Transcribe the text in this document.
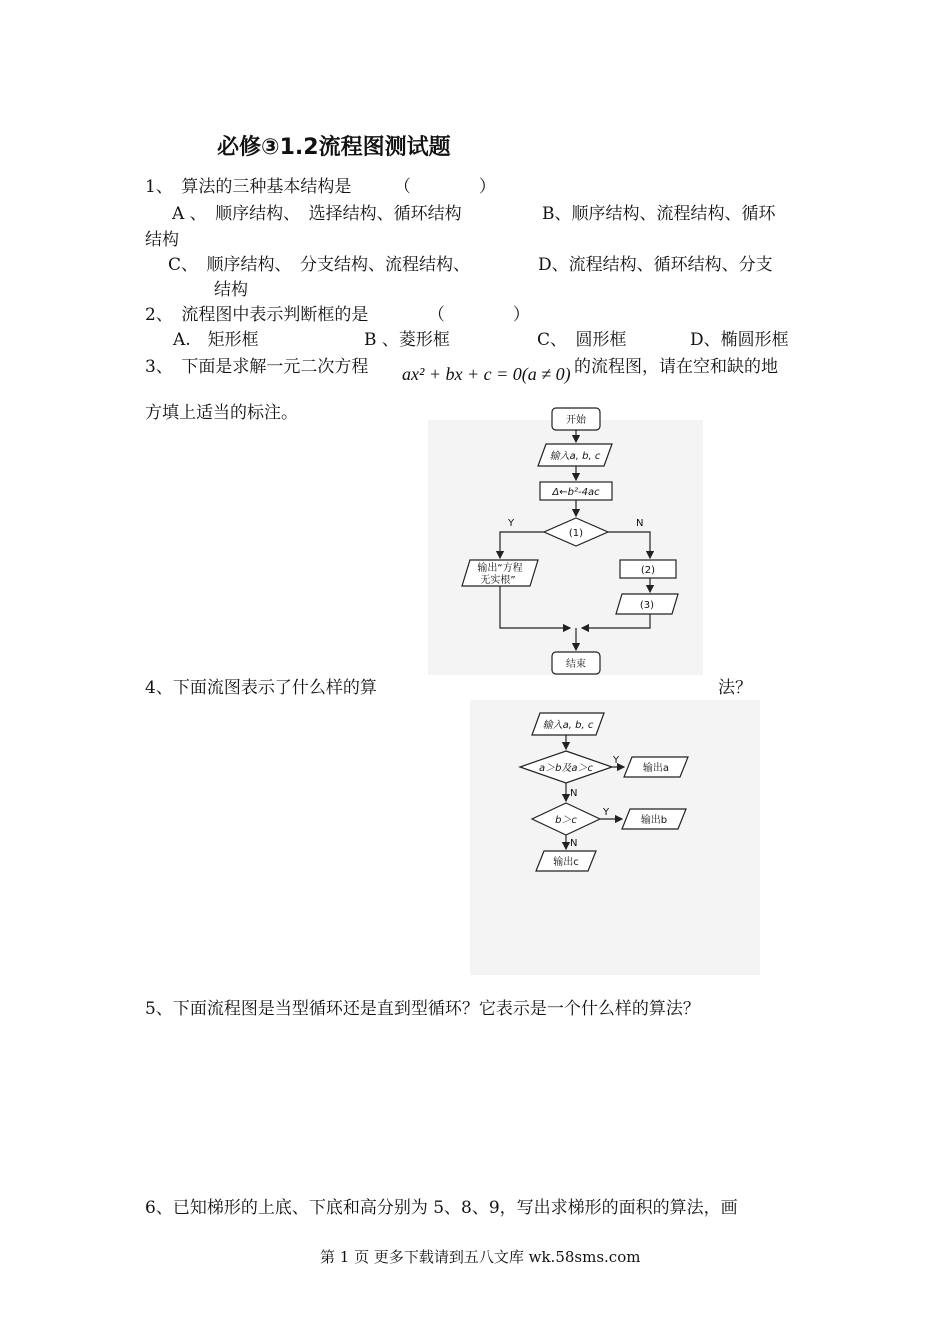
必修③1.2流程图测试题
1、　算法的三种基本结构是　　　（　　　　）
A 、　顺序结构、　选择结构、循环结构	B、顺序结构、流程结构、循环
结构
C、　顺序结构、　分支结构、流程结构、	D、流程结构、循环结构、分支
结构
2、　流程图中表示判断框的是　　　　（　　　　）
A.　矩形框	B 、菱形框	C、　圆形框	D、椭圆形框
3、　下面是求解一元二次方程 ax² + bx + c = 0(a ≠ 0) 的流程图，请在空和缺的地
方填上适当的标注。	开始
输入a, b, c
Δ←b²-4ac
(1)
Y	N
输出“方程
无实根”
(2)
(3)
结束
4、下面流图表示了什么样的算	法？
输入a, b, c
a＞b及a＞c
Y
输出a
N
b＞c
Y
输出b
N
输出c
5、下面流程图是当型循环还是直到型循环？它表示是一个什么样的算法？
6、已知梯形的上底、下底和高分别为 5、8、9，写出求梯形的面积的算法，画
第 1 页 更多下载请到五八文库 wk.58sms.com
